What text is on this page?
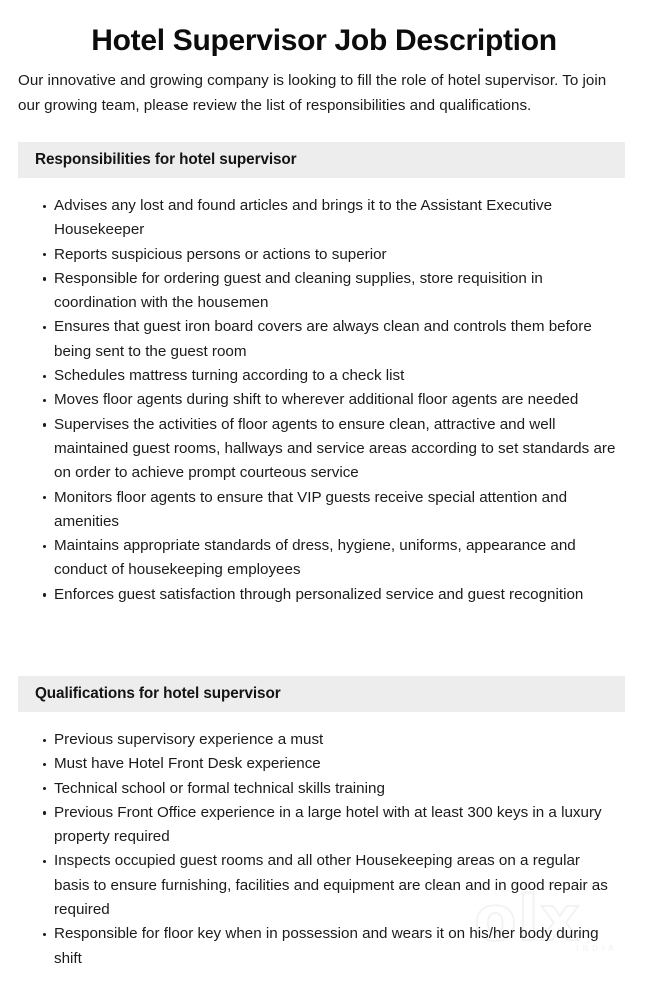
olx
INDIA
Hotel Supervisor Job Description

Our innovative and growing company is looking to fill the role of hotel supervisor. To join our growing team, please review the list of responsibilities and qualifications.

Responsibilities for hotel supervisor
Advises any lost and found articles and brings it to the Assistant Executive Housekeeper
Reports suspicious persons or actions to superior
Responsible for ordering guest and cleaning supplies, store requisition in coordination with the housemen
Ensures that guest iron board covers are always clean and controls them before being sent to the guest room
Schedules mattress turning according to a check list
Moves floor agents during shift to wherever additional floor agents are needed
Supervises the activities of floor agents to ensure clean, attractive and well maintained guest rooms, hallways and service areas according to set standards are on order to achieve prompt courteous service
Monitors floor agents to ensure that VIP guests receive special attention and amenities
Maintains appropriate standards of dress, hygiene, uniforms, appearance and conduct of housekeeping employees
Enforces guest satisfaction through personalized service and guest recognition
Qualifications for hotel supervisor
Previous supervisory experience a must
Must have Hotel Front Desk experience
Technical school or formal technical skills training
Previous Front Office experience in a large hotel with at least 300 keys in a luxury property required
Inspects occupied guest rooms and all other Housekeeping areas on a regular basis to ensure furnishing, facilities and equipment are clean and in good repair as required
Responsible for floor key when in possession and wears it on his/her body during shift
